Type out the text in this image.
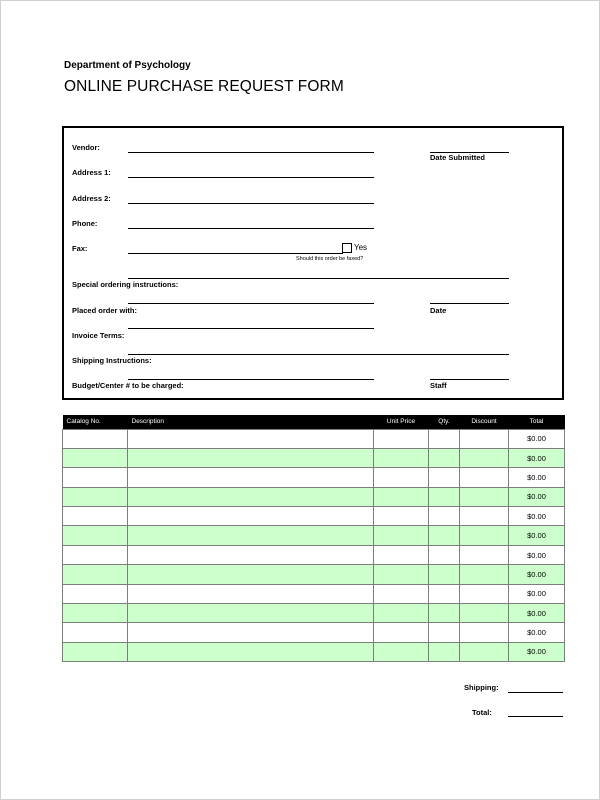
Department of Psychology
ONLINE PURCHASE REQUEST FORM
Vendor:
Date Submitted
Address 1:
Address 2:
Phone:
Fax:	Yes
Should this order be faxed?
Special ordering instructions:
Placed order with:	Date
Invoice Terms:
Shipping Instructions:
Budget/Center # to be charged:	Staff
Catalog No.	Description	Unit Price	Qty.	Discount	Total
					$0.00
					$0.00
					$0.00
					$0.00
					$0.00
					$0.00
					$0.00
					$0.00
					$0.00
					$0.00
					$0.00
					$0.00
Shipping:
Total:
